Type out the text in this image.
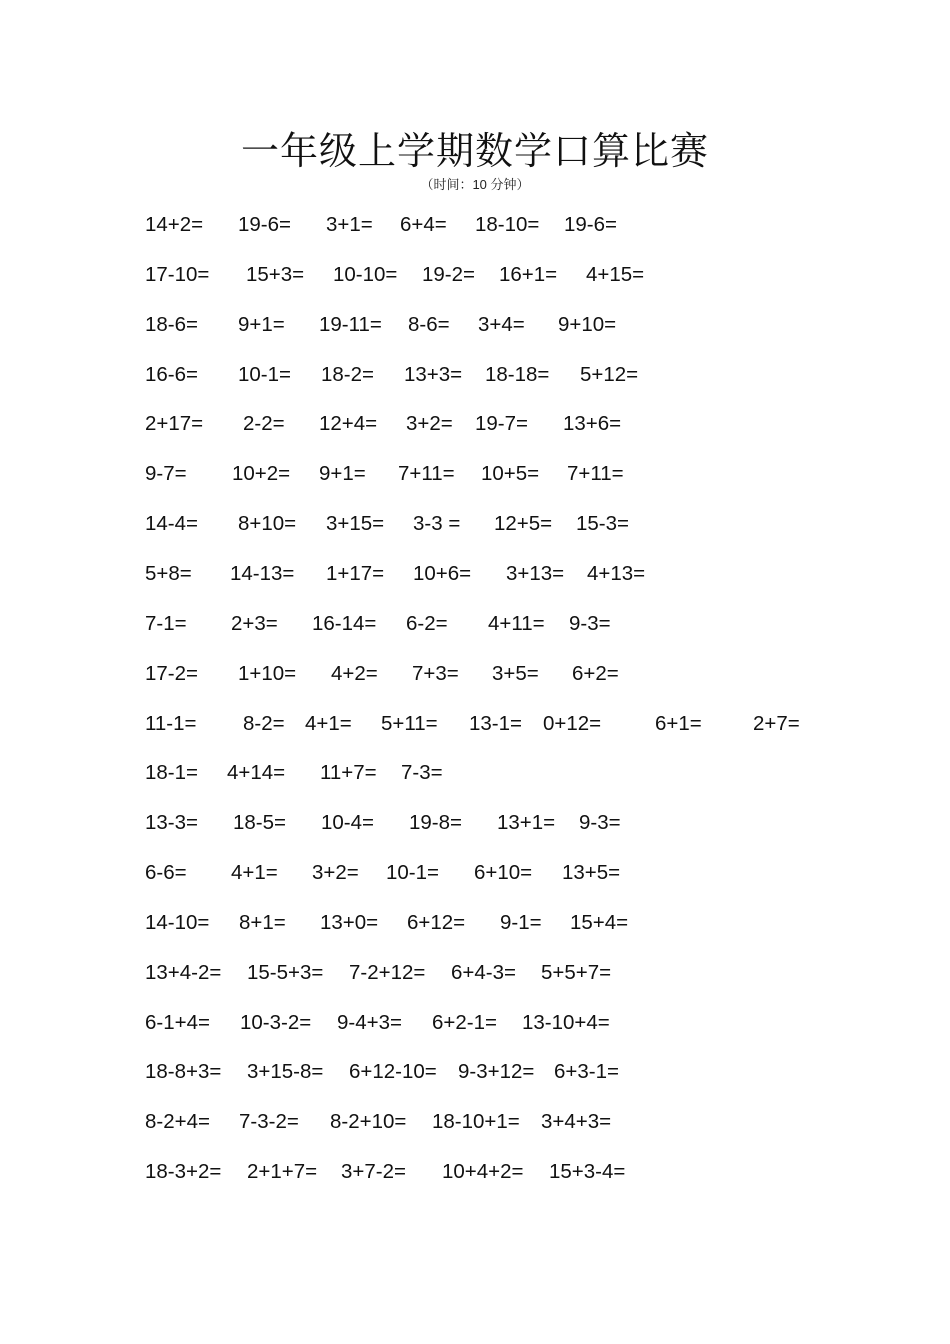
一年级上学期数学口算比赛
（时间：10 分钟）
14+2= 19-6= 3+1= 6+4= 18-10= 19-6=
17-10= 15+3= 10-10= 19-2= 16+1= 4+15=
18-6= 9+1= 19-11= 8-6= 3+4= 9+10=
16-6= 10-1= 18-2= 13+3= 18-18= 5+12=
2+17= 2-2= 12+4= 3+2= 19-7= 13+6=
9-7= 10+2= 9+1= 7+11= 10+5= 7+11=
14-4= 8+10= 3+15= 3-3 = 12+5= 15-3=
5+8= 14-13= 1+17= 10+6= 3+13= 4+13=
7-1= 2+3= 16-14= 6-2= 4+11= 9-3=
17-2= 1+10= 4+2= 7+3= 3+5= 6+2=
11-1= 8-2= 4+1= 5+11= 13-1= 0+12=	6+1=	2+7=
18-1= 4+14= 11+7= 7-3=
13-3= 18-5= 10-4= 19-8= 13+1= 9-3=
6-6= 4+1= 3+2= 10-1= 6+10= 13+5=
14-10= 8+1= 13+0= 6+12= 9-1= 15+4=
13+4-2= 15-5+3= 7-2+12= 6+4-3= 5+5+7=
6-1+4= 10-3-2= 9-4+3= 6+2-1= 13-10+4=
18-8+3= 3+15-8= 6+12-10= 9-3+12= 6+3-1=
8-2+4= 7-3-2= 8-2+10= 18-10+1= 3+4+3=
18-3+2= 2+1+7= 3+7-2= 10+4+2= 15+3-4=
